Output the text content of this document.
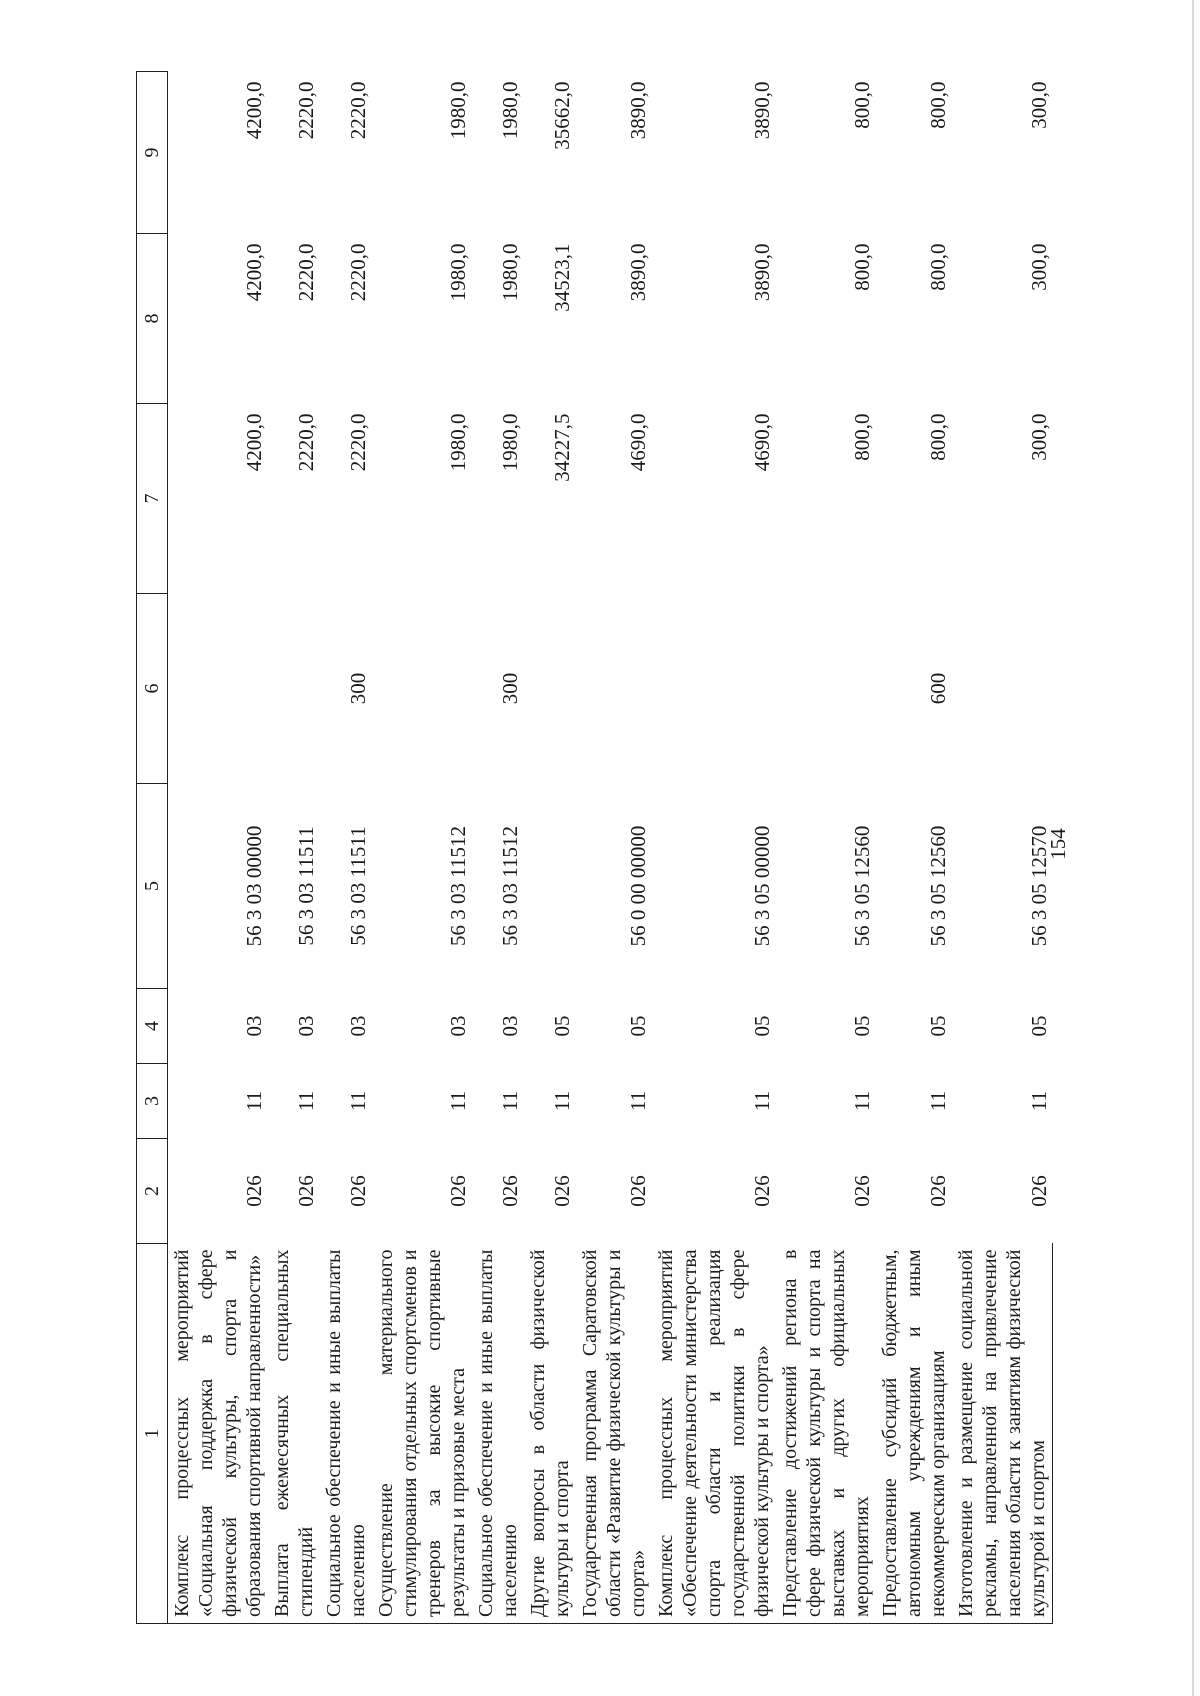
154
1	2	3	4	5	6	7	8	9
Комплекс процессных мероприятий «Социальная поддержка в сфере физической культуры, спорта и образования спортивной направленности»	026	11	03	56 3 03 00000		4200,0	4200,0	4200,0
Выплата ежемесячных специальных стипендий	026	11	03	56 3 03 11511		2220,0	2220,0	2220,0
Социальное обеспечение и иные выплаты населению	026	11	03	56 3 03 11511	300	2220,0	2220,0	2220,0
Осуществление материального стимулирования отдельных спортсменов и тренеров за высокие спортивные результаты и призовые места	026	11	03	56 3 03 11512		1980,0	1980,0	1980,0
Социальное обеспечение и иные выплаты населению	026	11	03	56 3 03 11512	300	1980,0	1980,0	1980,0
Другие вопросы в области физической культуры и спорта	026	11	05			34227,5	34523,1	35662,0
Государственная программа Саратовской области «Развитие физической культуры и спорта»	026	11	05	56 0 00 00000		4690,0	3890,0	3890,0
Комплекс процессных мероприятий «Обеспечение деятельности министерства спорта области и реализация государственной политики в сфере физической культуры и спорта»	026	11	05	56 3 05 00000		4690,0	3890,0	3890,0
Представление достижений региона в сфере физической культуры и спорта на выставках и других официальных мероприятиях	026	11	05	56 3 05 12560		800,0	800,0	800,0
Предоставление субсидий бюджетным, автономным учреждениям и иным некоммерческим организациям	026	11	05	56 3 05 12560	600	800,0	800,0	800,0
Изготовление и размещение социальной рекламы, направленной на привлечение населения области к занятиям физической культурой и спортом	026	11	05	56 3 05 12570		300,0	300,0	300,0
